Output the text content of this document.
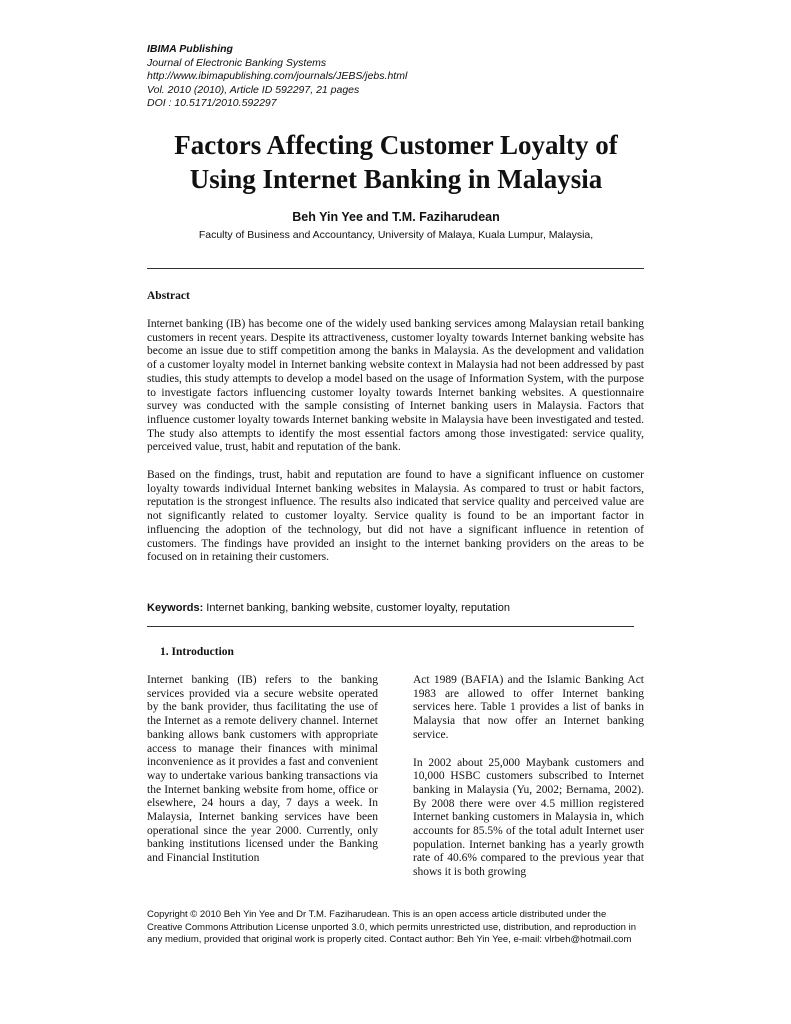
IBIMA Publishing
Journal of Electronic Banking Systems
http://www.ibimapublishing.com/journals/JEBS/jebs.html
Vol. 2010 (2010), Article ID 592297, 21 pages
DOI : 10.5171/2010.592297
Factors Affecting Customer Loyalty of
Using Internet Banking in Malaysia
Beh Yin Yee and T.M. Faziharudean
Faculty of Business and Accountancy, University of Malaya, Kuala Lumpur, Malaysia,
Abstract

Internet banking (IB) has become one of the widely used banking services among Malaysian retail banking customers in recent years. Despite its attractiveness, customer loyalty towards Internet banking website has become an issue due to stiff competition among the banks in Malaysia. As the development and validation of a customer loyalty model in Internet banking website context in Malaysia had not been addressed by past studies, this study attempts to develop a model based on the usage of Information System, with the purpose to investigate factors influencing customer loyalty towards Internet banking websites. A questionnaire survey was conducted with the sample consisting of Internet banking users in Malaysia. Factors that influence customer loyalty towards Internet banking website in Malaysia have been investigated and tested. The study also attempts to identify the most essential factors among those investigated: service quality, perceived value, trust, habit and reputation of the bank.

Based on the findings, trust, habit and reputation are found to have a significant influence on customer loyalty towards individual Internet banking websites in Malaysia. As compared to trust or habit factors, reputation is the strongest influence. The results also indicated that service quality and perceived value are not significantly related to customer loyalty. Service quality is found to be an important factor in influencing the adoption of the technology, but did not have a significant influence in retention of customers. The findings have provided an insight to the internet banking providers on the areas to be focused on in retaining their customers.

Keywords: Internet banking, banking website, customer loyalty, reputation
1. Introduction

Internet banking (IB) refers to the banking services provided via a secure website operated by the bank provider, thus facilitating the use of the Internet as a remote delivery channel. Internet banking allows bank customers with appropriate access to manage their finances with minimal inconvenience as it provides a fast and convenient way to undertake various banking transactions via the Internet banking website from home, office or elsewhere, 24 hours a day, 7 days a week. In Malaysia, Internet banking services have been operational since the year 2000. Currently, only banking institutions licensed under the Banking and Financial Institution

Act 1989 (BAFIA) and the Islamic Banking Act 1983 are allowed to offer Internet banking services here. Table 1 provides a list of banks in Malaysia that now offer an Internet banking service.

In 2002 about 25,000 Maybank customers and 10,000 HSBC customers subscribed to Internet banking in Malaysia (Yu, 2002; Bernama, 2002). By 2008 there were over 4.5 million registered Internet banking customers in Malaysia in, which accounts for 85.5% of the total adult Internet user population. Internet banking has a yearly growth rate of 40.6% compared to the previous year that shows it is both growing

Copyright © 2010 Beh Yin Yee and Dr T.M. Faziharudean. This is an open access article distributed under the Creative Commons Attribution License unported 3.0, which permits unrestricted use, distribution, and reproduction in any medium, provided that original work is properly cited. Contact author: Beh Yin Yee, e-mail: vlrbeh@hotmail.com
